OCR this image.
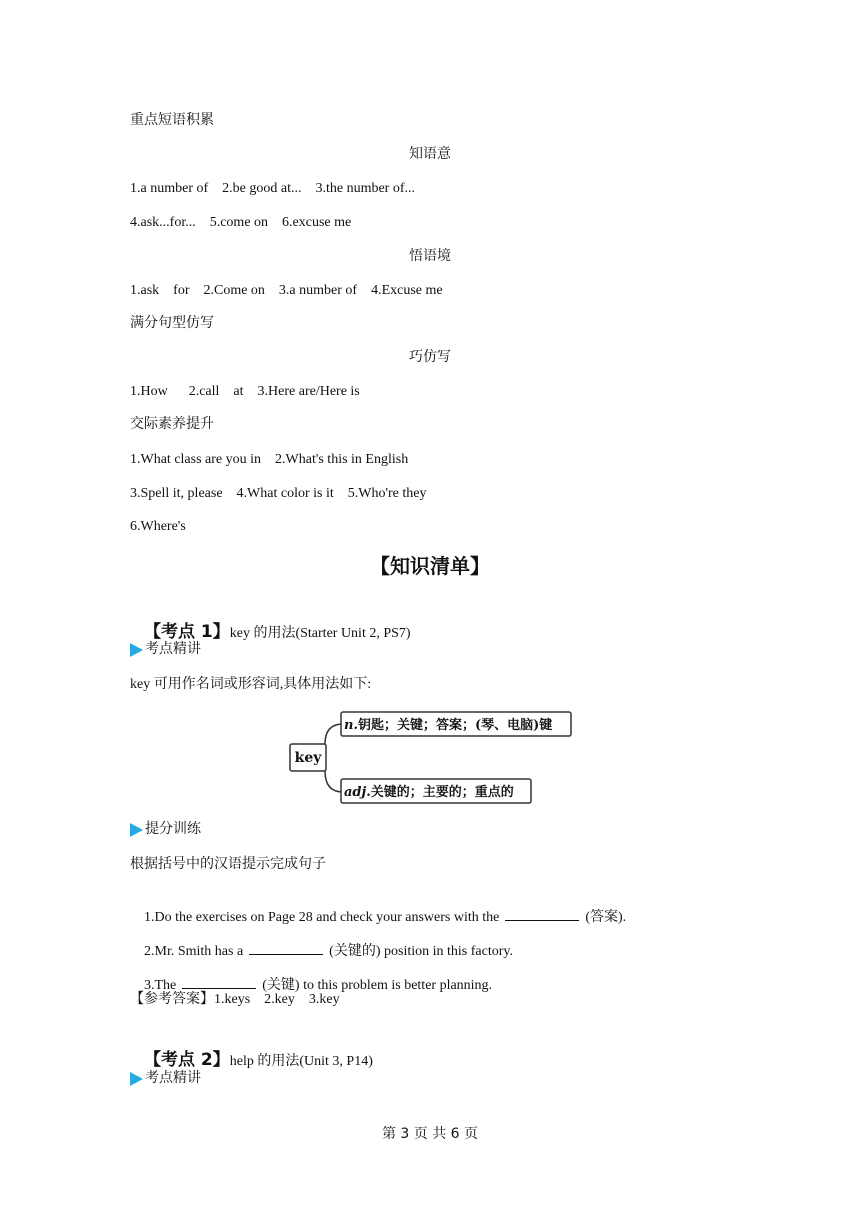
重点短语积累
知语意
1.a number of    2.be good at...    3.the number of...
4.ask...for...    5.come on    6.excuse me
悟语境
1.ask    for    2.Come on    3.a number of    4.Excuse me
满分句型仿写
巧仿写
1.How      2.call    at    3.Here are/Here is
交际素养提升
1.What class are you in    2.What's this in English
3.Spell it, please    4.What color is it    5.Who're they
6.Where's
【知识清单】

【考点 1】key 的用法(Starter Unit 2, PS7)

考点精讲
key 可用作名词或形容词,具体用法如下:
key
n.钥匙；关键；答案；(琴、电脑)键
adj.关键的；主要的；重点的
提分训练
根据括号中的汉语提示完成句子

1.Do the exercises on Page 28 and check your answers with the	(答案).

2.Mr. Smith has a	(关键的) position in this factory.

3.The	(关键) to this problem is better planning.

【参考答案】1.keys    2.key    3.key

【考点 2】help 的用法(Unit 3, P14)

考点精讲
第 3 页 共 6 页
